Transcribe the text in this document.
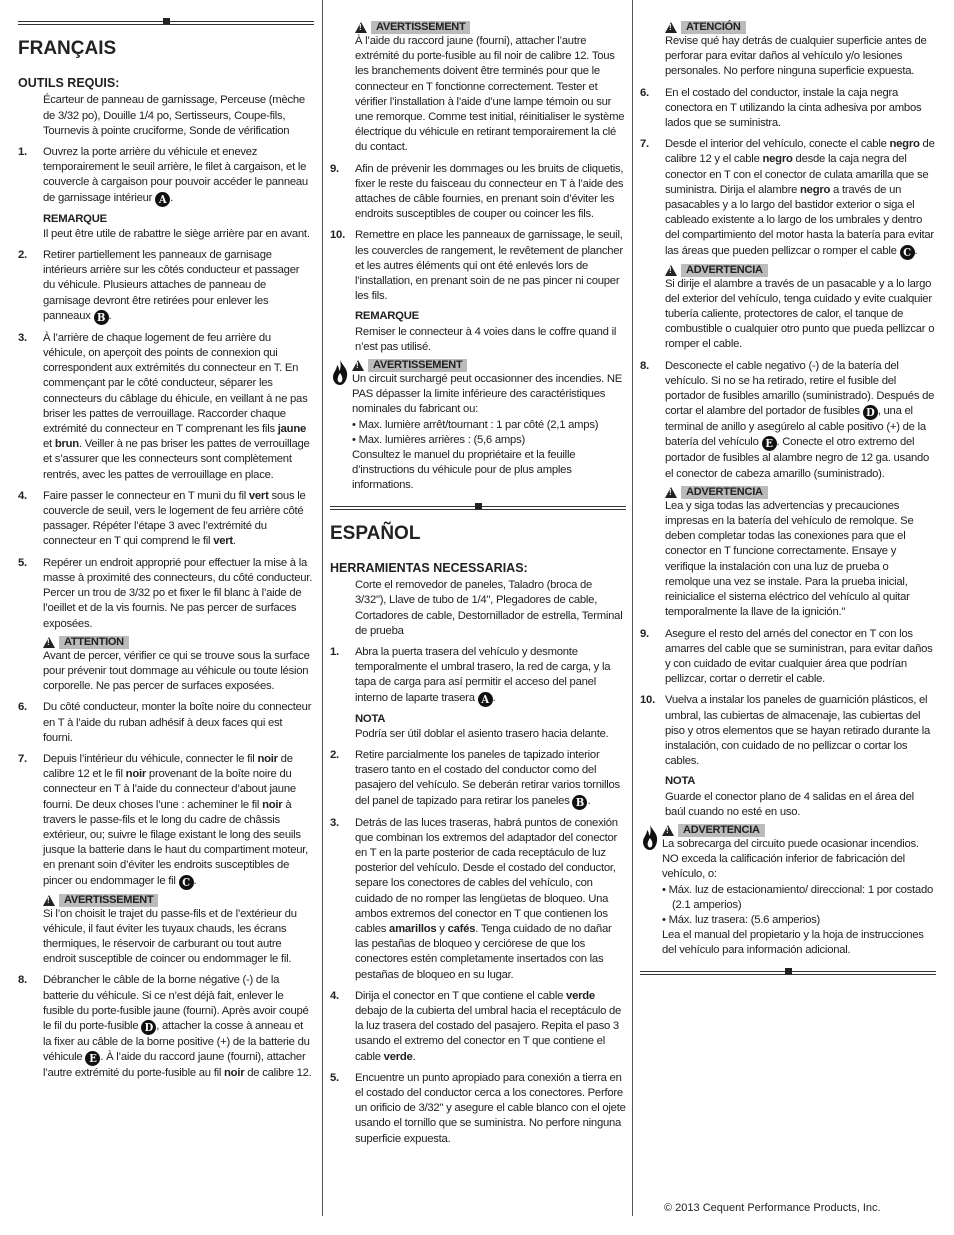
FRANÇAIS
OUTILS REQUIS:
Écarteur de panneau de garnissage, Perceuse (mèche de 3/32 po), Douille 1/4 po, Sertisseurs, Coupe-fils, Tournevis à pointe cruciforme, Sonde de vérification
1.	Ouvrez la porte arrière du véhicule et enevez temporairement le seuil arrière, le filet à cargaison, et le couvercle à cargaison pour pouvoir accéder le panneau de garnissage intérieur A .
REMARQUE
Il peut être utile de rabattre le siège arrière par en avant.
2.	Retirer partiellement les panneaux de garnisage intérieurs arrière sur les côtés conducteur et passager du véhicule. Plusieurs attaches de panneau de garnisage devront être retirées pour enlever les panneaux B .
3.	À l’arrière de chaque logement de feu arrière du véhicule, on aperçoit des points de connexion qui correspondent aux extrémités du connecteur en T. En commençant par le côté conducteur, séparer les connecteurs du câblage du éhicule, en veillant à ne pas briser les pattes de verrouillage. Raccorder chaque extrémité du connecteur en T comprenant les fils jaune et brun. Veiller à ne pas briser les pattes de verrouillage et s’assurer que les connecteurs sont complètement rentrés, avec les pattes de verrouillage en place.
4.	Faire passer le connecteur en T muni du fil vert sous le couvercle de seuil, vers le logement de feu arrière côté passager. Répéter l’étape 3 avec l’extrémité du connecteur en T qui comprend le fil vert.
5.	Repérer un endroit approprié pour effectuer la mise à la masse à proximité des connecteurs, du côté conducteur. Percer un trou de 3/32 po et fixer le fil blanc à l’aide de l’oeillet et de la vis fournis. Ne pas percer de surfaces exposées.
!
ATTENTION
Avant de percer, vérifier ce qui se trouve sous la surface pour prévenir tout dommage au véhicule ou toute lésion corporelle. Ne pas percer de surfaces exposées.
6.	Du côté conducteur, monter la boîte noire du connecteur en T à l’aide du ruban adhésif à deux faces qui est fourni.
7.	Depuis l’intérieur du véhicule, connecter le fil noir de calibre 12 et le fil noir provenant de la boîte noire du connecteur en T à l’aide du connecteur d’about jaune fourni. De deux choses l’une : acheminer le fil noir à travers le passe-fils et le long du cadre de châssis extérieur, ou; suivre le filage existant le long des seuils jusque la batterie dans le haut du compartiment moteur, en prenant soin d’éviter les endroits susceptibles de pincer ou endommager le fil C .
!
AVERTISSEMENT
Si l’on choisit le trajet du passe-fils et de l’extérieur du véhicule, il faut éviter les tuyaux chauds, les écrans thermiques, le réservoir de carburant ou tout autre endroit susceptible de coincer ou endommager le fil.
8.	Débrancher le câble de la borne négative (-) de la batterie du véhicule. Si ce n’est déjà fait, enlever le fusible du porte-fusible jaune (fourni). Après avoir coupé le fil du porte-fusible D , attacher la cosse à anneau et la fixer au câble de la borne positive (+) de la batterie du véhicule E . À l’aide du raccord jaune (fourni), attacher l’autre extrémité du porte-fusible au fil noir de calibre 12.
!
AVERTISSEMENT
À l’aide du raccord jaune (fourni), attacher l’autre extrémité du porte-fusible au fil noir de calibre 12. Tous les branchements doivent être terminés pour que le connecteur en T fonctionne correctement. Tester et vérifier l’installation à l’aide d’une lampe témoin ou sur une remorque. Comme test initial, réinitialiser le système électrique du véhicule en retirant temporairement la clé du contact.
9.	Afin de prévenir les dommages ou les bruits de cliquetis, fixer le reste du faisceau du connecteur en T à l’aide des attaches de câble fournies, en prenant soin d’éviter les endroits susceptibles de couper ou coincer les fils.
10. Remettre en place les panneaux de garnissage, le seuil, les couvercles de rangement, le revêtement de plancher et les autres éléments qui ont été enlevés lors de l’installation, en prenant soin de ne pas pincer ni couper les fils.
REMARQUE
Remiser le connecteur à 4 voies dans le coffre quand il n’est pas utilisé.
!
AVERTISSEMENT
Un circuit surchargé peut occasionner des incendies. NE PAS dépasser la limite inférieure des caractéristiques nominales du fabricant ou:
• Max. lumière arrêt/tournant : 1 par côté (2,1 amps)
• Max. lumières arrières : (5,6 amps)
Consultez le manuel du propriétaire et la feuille d’instructions du véhicule pour de plus amples informations.
ESPAÑOL
HERRAMIENTAS NECESSARIAS:
Corte el removedor de paneles, Taladro (broca de 3/32"), Llave de tubo de 1/4", Plegadores de cable, Cortadores de cable, Destornillador de estrella, Terminal de prueba
1.	Abra la puerta trasera del vehículo y desmonte temporalmente el umbral trasero, la red de carga, y la tapa de carga para así permitir el acceso del panel interno de laparte trasera A .
NOTA
Podría ser útil doblar el asiento trasero hacia delante.
2.	Retire parcialmente los paneles de tapizado interior trasero tanto en el costado del conductor como del pasajero del vehículo. Se deberán retirar varios tornillos del panel de tapizado para retirar los paneles B .
3.	Detrás de las luces traseras, habrá puntos de conexión que combinan los extremos del adaptador del conector en T en la parte posterior de cada receptáculo de luz posterior del vehículo. Desde el costado del conductor, separe los conectores de cables del vehículo, con cuidado de no romper las lengüetas de bloqueo. Una ambos extremos del conector en T que contienen los cables amarillos y cafés. Tenga cuidado de no dañar las pestañas de bloqueo y cerciórese de que los conectores estén completamente insertados con las pestañas de bloqueo en su lugar.
4.	Dirija el conector en T que contiene el cable verde debajo de la cubierta del umbral hacia el receptáculo de la luz trasera del costado del pasajero. Repita el paso 3 usando el extremo del conector en T que contiene el cable verde.
5.	Encuentre un punto apropiado para conexión a tierra en el costado del conductor cerca a los conectores. Perfore un orificio de 3/32" y asegure el cable blanco con el ojete usando el tornillo que se suministra. No perfore ninguna superficie expuesta.
!
ATENCIÓN
Revise qué hay detrás de cualquier superficie antes de perforar para evitar daños al vehículo y/o lesiones personales. No perfore ninguna superficie expuesta.
6.	En el costado del conductor, instale la caja negra conectora en T utilizando la cinta adhesiva por ambos lados que se suministra.
7.	Desde el interior del vehículo, conecte el cable negro de calibre 12 y el cable negro desde la caja negra del conector en T con el conector de culata amarilla que se suministra. Dirija el alambre negro a través de un pasacables y a lo largo del bastidor exterior o siga el cableado existente a lo largo de los umbrales y dentro del compartimiento del motor hasta la batería para evitar las áreas que pueden pellizcar o romper el cable C .
!
ADVERTENCIA
Si dirije el alambre a través de un pasacable y a lo largo del exterior del vehículo, tenga cuidado y evite cualquier tubería caliente, protectores de calor, el tanque de combustible o cualquier otro punto que pueda pellizcar o romper el cable.
8.	Desconecte el cable negativo (-) de la batería del vehículo. Si no se ha retirado, retire el fusible del portador de fusibles amarillo (suministrado). Después de cortar el alambre del portador de fusibles D , una el terminal de anillo y asegúrelo al cable positivo (+) de la batería del vehículo E . Conecte el otro extremo del portador de fusibles al alambre negro de 12 ga. usando el conector de cabeza amarillo (suministrado).
!
ADVERTENCIA
Lea y siga todas las advertencias y precauciones impresas en la batería del vehículo de remolque. Se deben completar todas las conexiones para que el conector en T funcione correctamente. Ensaye y verifique la instalación con una luz de prueba o remolque una vez se instale. Para la prueba inicial, reinicialice el sistema eléctrico del vehículo al quitar temporalmente la llave de la ignición."
9.	Asegure el resto del arnés del conector en T con los amarres del cable que se suministran, para evitar daños y con cuidado de evitar cualquier área que podrían pellizcar, cortar o derretir el cable.
10. Vuelva a instalar los paneles de guarnición plásticos, el umbral, las cubiertas de almacenaje, las cubiertas del piso y otros elementos que se hayan retirado durante la instalación, con cuidado de no pellizcar o cortar los cables.
NOTA
Guarde el conector plano de 4 salidas en el área del baúl cuando no esté en uso.
!
ADVERTENCIA
La sobrecarga del circuito puede ocasionar incendios. NO exceda la calificación inferior de fabricación del vehículo, o:
• Máx. luz de estacionamiento/ direccional: 1 por costado (2.1 amperios)
• Máx. luz trasera: (5.6 amperios)
Lea el manual del propietario y la hoja de instrucciones del vehículo para información adicional.
© 2013 Cequent Performance Products, Inc.
